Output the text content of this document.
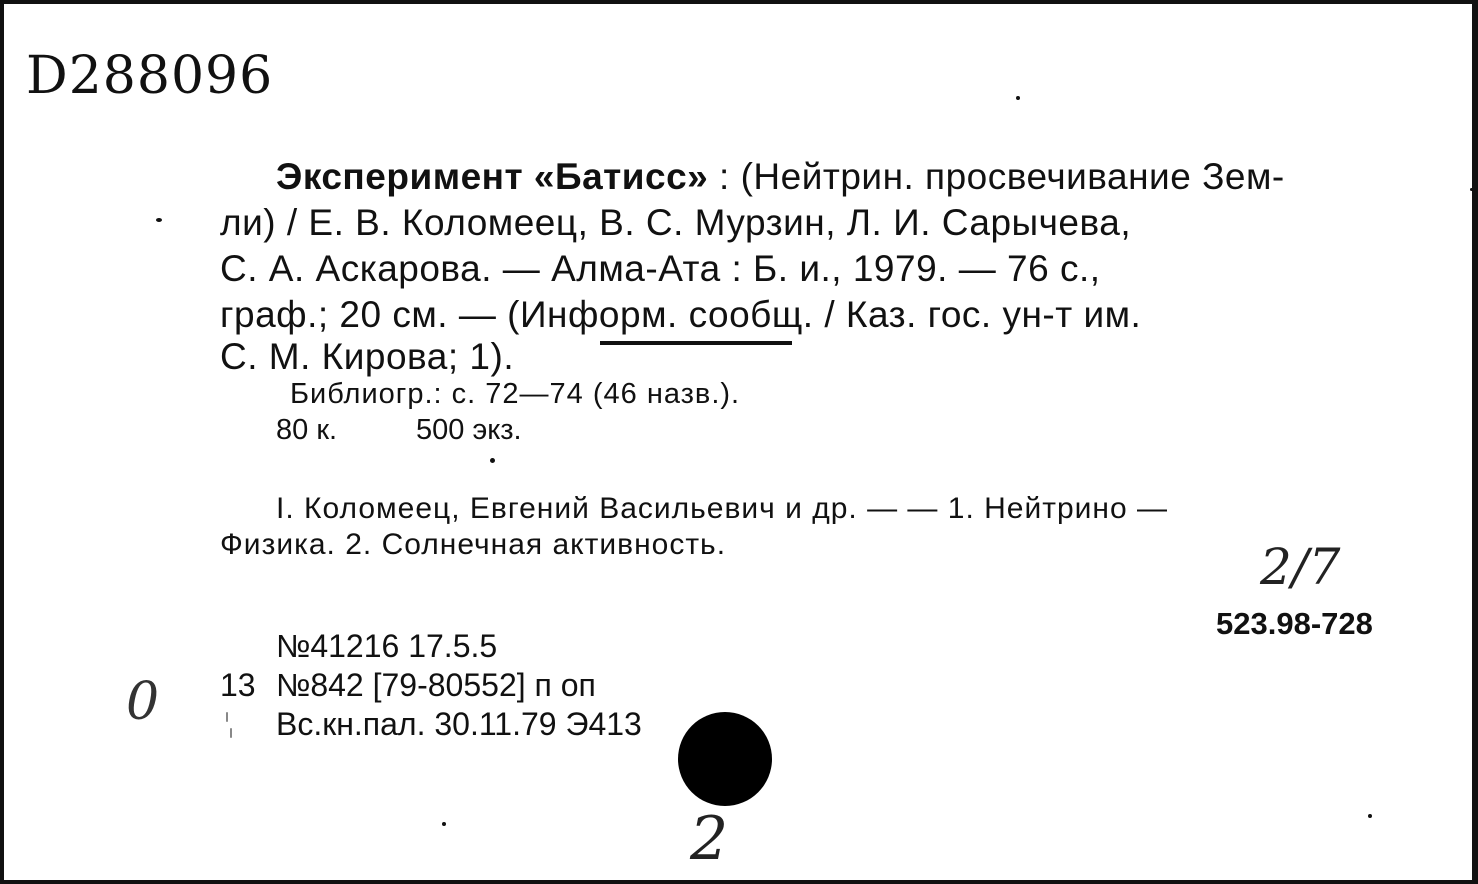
D288096
Эксперимент «Батисс» : (Нейтрин. просвечивание Зем-
ли) / Е. В. Коломеец, В. С. Мурзин, Л. И. Сарычева,
С. А. Аскарова. — Алма-Ата : Б. и., 1979. — 76 с.,
граф.; 20 см. — (Информ. сообщ. / Каз. гос. ун-т им.
С. М. Кирова; 1).
Библиогр.: с. 72—74 (46 назв.).
80 к.	500 экз.
I. Коломеец, Евгений Васильевич и др. — — 1. Нейтрино —
Физика. 2. Солнечная активность.	2/7
523.98-728
№41216 17.5.5
13 №842 [79-80552] п оп
Вс.кн.пал. 30.11.79 Э413
0
2
